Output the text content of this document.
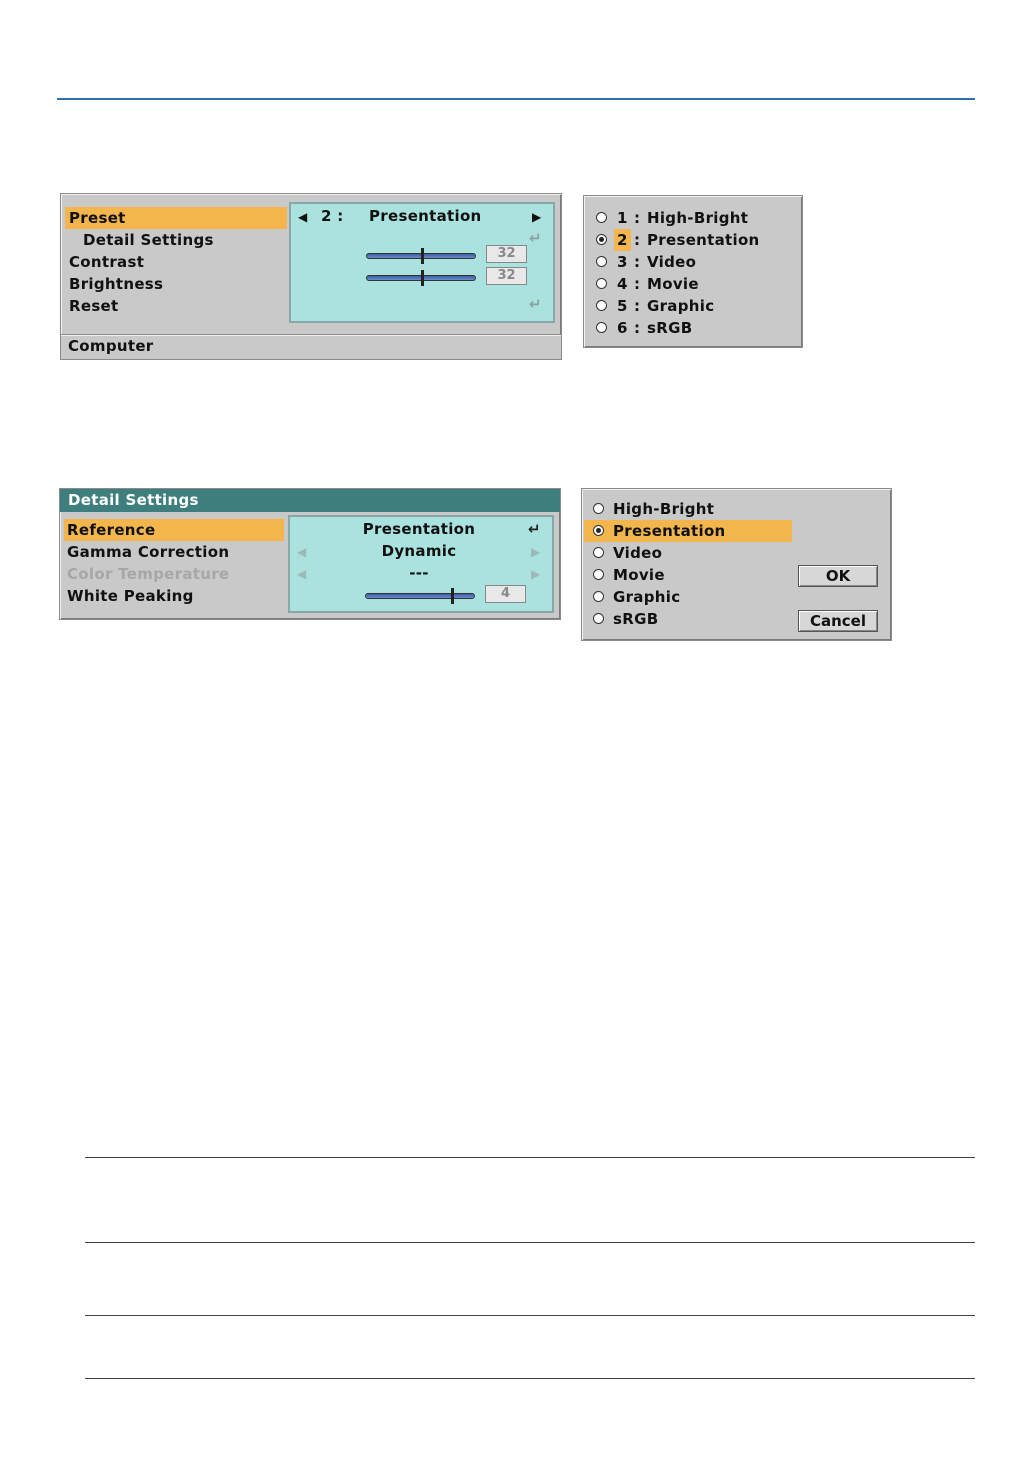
Preset
Detail Settings
Contrast
Brightness
Reset
◀ 2 : Presentation	▶
↵
32
32
↵
Computer
1 : High-Bright
2 : Presentation
3 : Video
4 : Movie
5 : Graphic
6 : sRGB
Detail Settings
Reference
Gamma Correction
Color Temperature
White Peaking
Presentation	↵
◀	Dynamic	▶
◀	---	▶
4
High-Bright
Presentation
Video
Movie
Graphic
sRGB
OK
Cancel
